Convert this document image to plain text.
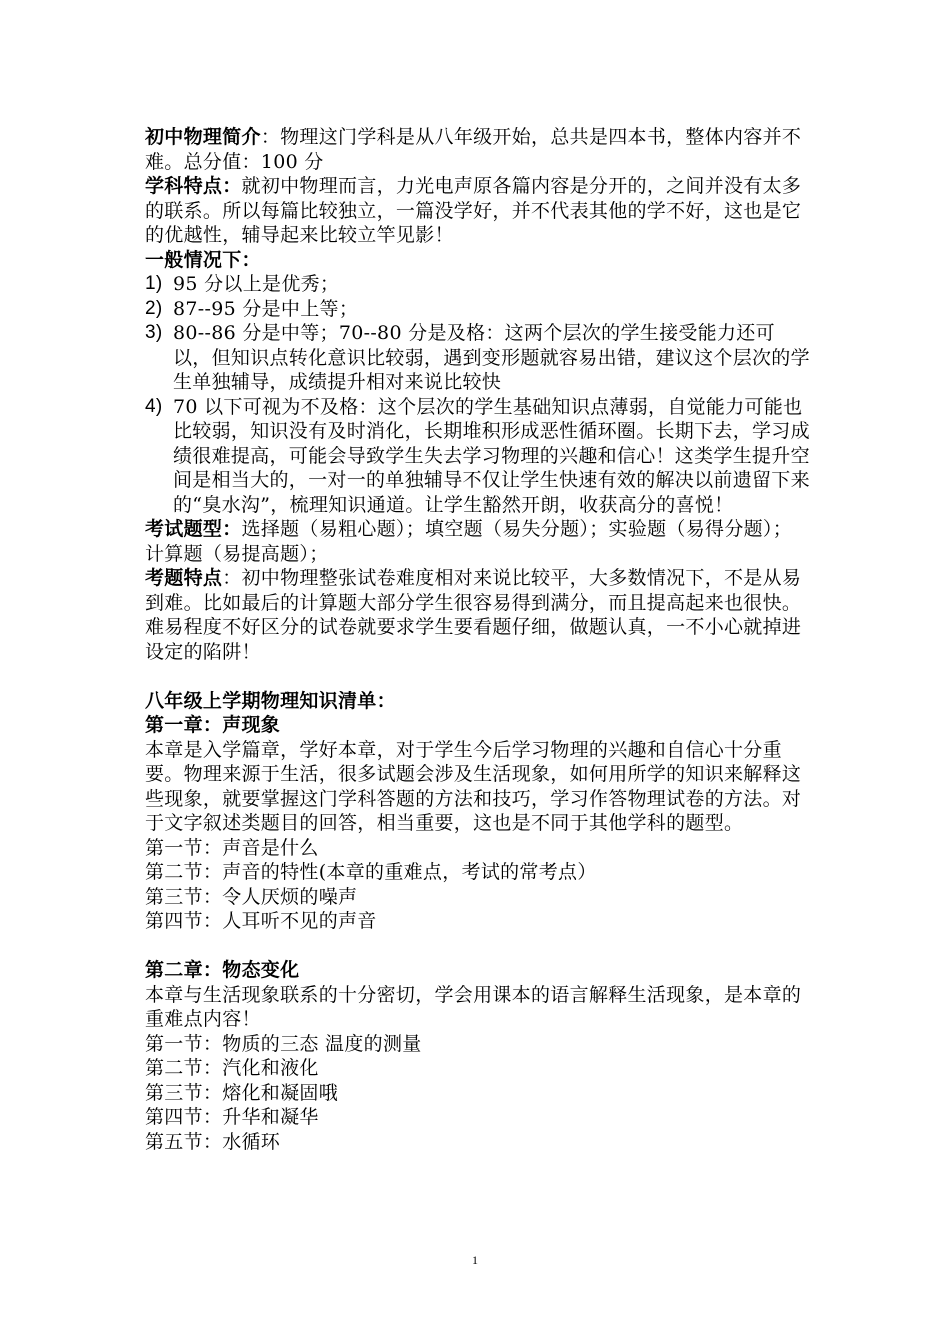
初中物理简介：物理这门学科是从八年级开始，总共是四本书，整体内容并不难。总分值：100 分

学科特点：就初中物理而言，力光电声原各篇内容是分开的，之间并没有太多的联系。所以每篇比较独立，一篇没学好，并不代表其他的学不好，这也是它的优越性，辅导起来比较立竿见影！

一般情况下：

1) 95 分以上是优秀；
2) 87--95 分是中上等；
3) 80--86 分是中等；70--80 分是及格：这两个层次的学生接受能力还可以，但知识点转化意识比较弱，遇到变形题就容易出错，建议这个层次的学生单独辅导，成绩提升相对来说比较快
4) 70 以下可视为不及格：这个层次的学生基础知识点薄弱，自觉能力可能也比较弱，知识没有及时消化，长期堆积形成恶性循环圈。长期下去，学习成绩很难提高，可能会导致学生失去学习物理的兴趣和信心！这类学生提升空间是相当大的，一对一的单独辅导不仅让学生快速有效的解决以前遗留下来的“臭水沟”，梳理知识通道。让学生豁然开朗，收获高分的喜悦！

考试题型：选择题（易粗心题）；填空题（易失分题）；实验题（易得分题）；计算题（易提高题）；

考题特点：初中物理整张试卷难度相对来说比较平，大多数情况下，不是从易到难。比如最后的计算题大部分学生很容易得到满分，而且提高起来也很快。难易程度不好区分的试卷就要求学生要看题仔细，做题认真，一不小心就掉进设定的陷阱！

八年级上学期物理知识清单：

第一章：声现象

本章是入学篇章，学好本章，对于学生今后学习物理的兴趣和自信心十分重要。物理来源于生活，很多试题会涉及生活现象，如何用所学的知识来解释这些现象，就要掌握这门学科答题的方法和技巧，学习作答物理试卷的方法。对于文字叙述类题目的回答，相当重要，这也是不同于其他学科的题型。

第一节：声音是什么

第二节：声音的特性(本章的重难点，考试的常考点）

第三节：令人厌烦的噪声

第四节：人耳听不见的声音

第二章：物态变化

本章与生活现象联系的十分密切，学会用课本的语言解释生活现象，是本章的重难点内容！

第一节：物质的三态 温度的测量

第二节：汽化和液化

第三节：熔化和凝固哦

第四节：升华和凝华

第五节：水循环

1
